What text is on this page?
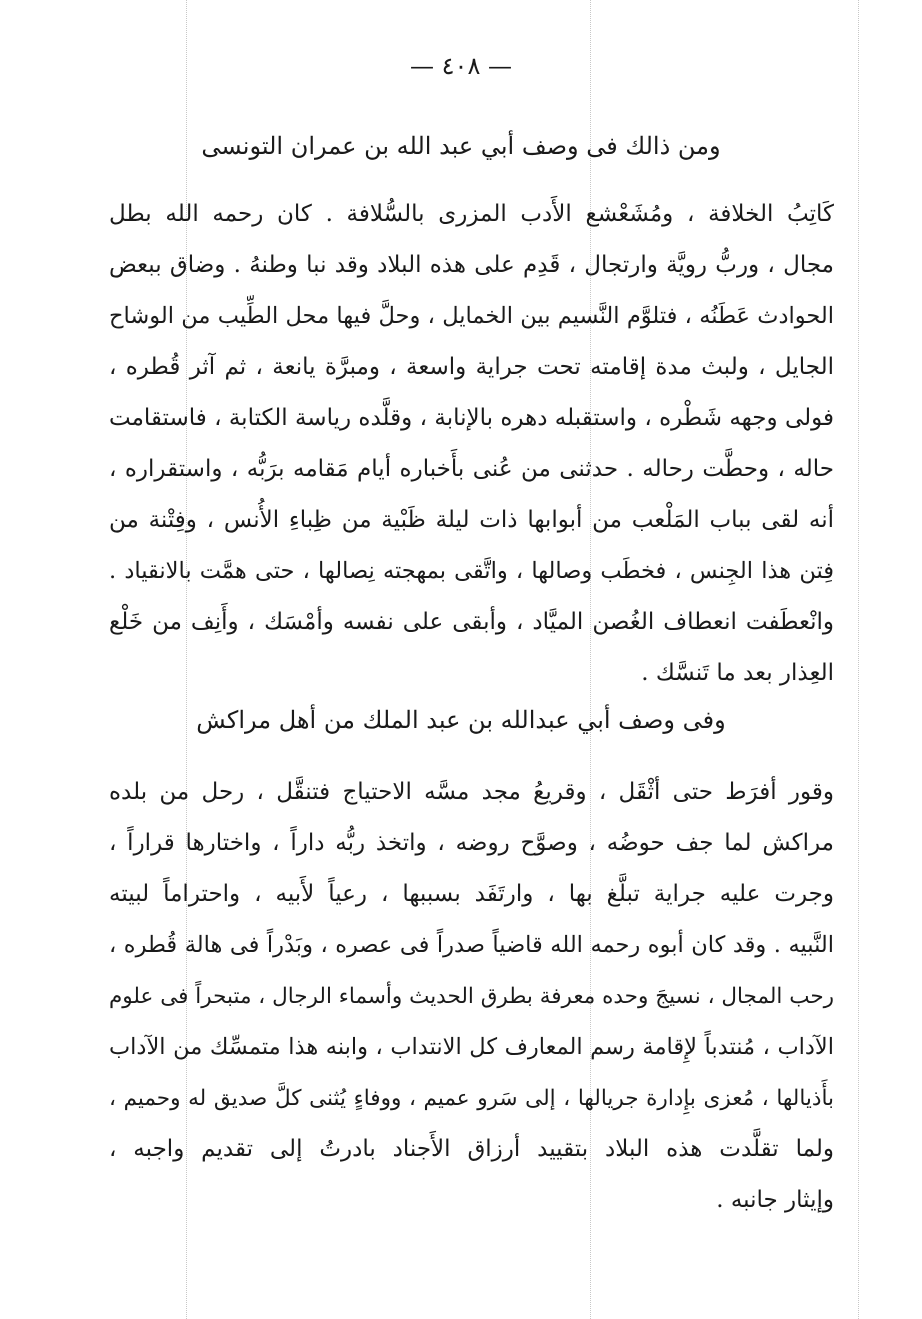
— ٤٠٨ —
ومن ذالك فى وصف أبي عبد الله بن عمران التونسى
كَاتِبُ الخلافة ، ومُشَعْشع الأَدب المزرى بالسُّلافة . كان رحمه الله بطل
مجال ، وربُّ رويَّة وارتجال ، قَدِم على هذه البلاد وقد نبا وطنهُ . وضاق ببعض
الحوادث عَطَنُه ، فتلوَّم النَّسيم بين الخمايل ، وحلَّ فيها محل الطِّيب من الوشاح
الجايل ، ولبث مدة إقامته تحت جراية واسعة ، ومبرَّة يانعة ، ثم آثر قُطره ،
فولى وجهه شَطْره ، واستقبله دهره بالإنابة ، وقلَّده رياسة الكتابة ، فاستقامت
حاله ، وحطَّت رحاله . حدثنى من عُنى بأَخباره أيام مَقامه برَبُّه ، واستقراره ،
أنه لقى بباب المَلْعب من أبوابها ذات ليلة ظَبْية من ظِباءِ الأُنس ، وفِتْنة من
فِتن هذا الجِنس ، فخطَب وصالها ، واتَّقى بمهجته نِصالها ، حتى همَّت بالانقياد .
وانْعطَفت انعطاف الغُصن الميَّاد ، وأبقى على نفسه وأمْسَك ، وأَنِف من خَلْع
العِذار بعد ما تَنسَّك .
وفى وصف أبي عبدالله بن عبد الملك من أهل مراكش
وقور أفرَط حتى أثْقَل ، وقريعُ مجد مسَّه الاحتياج فتنقَّل ، رحل من بلده
مراكش لما جف حوضُه ، وصوَّح روضه ، واتخذ ربُّه داراً ، واختارها قراراً ،
وجرت عليه جراية تبلَّغ بها ، وارتَفَد بسببها ، رعياً لأَبيه ، واحتراماً لبيته
النَّبيه . وقد كان أبوه رحمه الله قاضياً صدراً فى عصره ، وبَدْراً فى هالة قُطره ،
رحب المجال ، نسيجَ وحده معرفة بطرق الحديث وأسماء الرجال ، متبحراً فى علوم
الآداب ، مُنتدباً لإِقامة رسم المعارف كل الانتداب ، وابنه هذا متمسِّك من الآداب
بأَذيالها ، مُعزى بإِدارة جريالها ، إلى سَرو عميم ، ووفاءٍ يُثنى كلَّ صديق له وحميم ،
ولما تقلَّدت هذه البلاد بتقييد أرزاق الأَجناد بادرتُ إلى تقديم واجبه ،
وإيثار جانبه .
